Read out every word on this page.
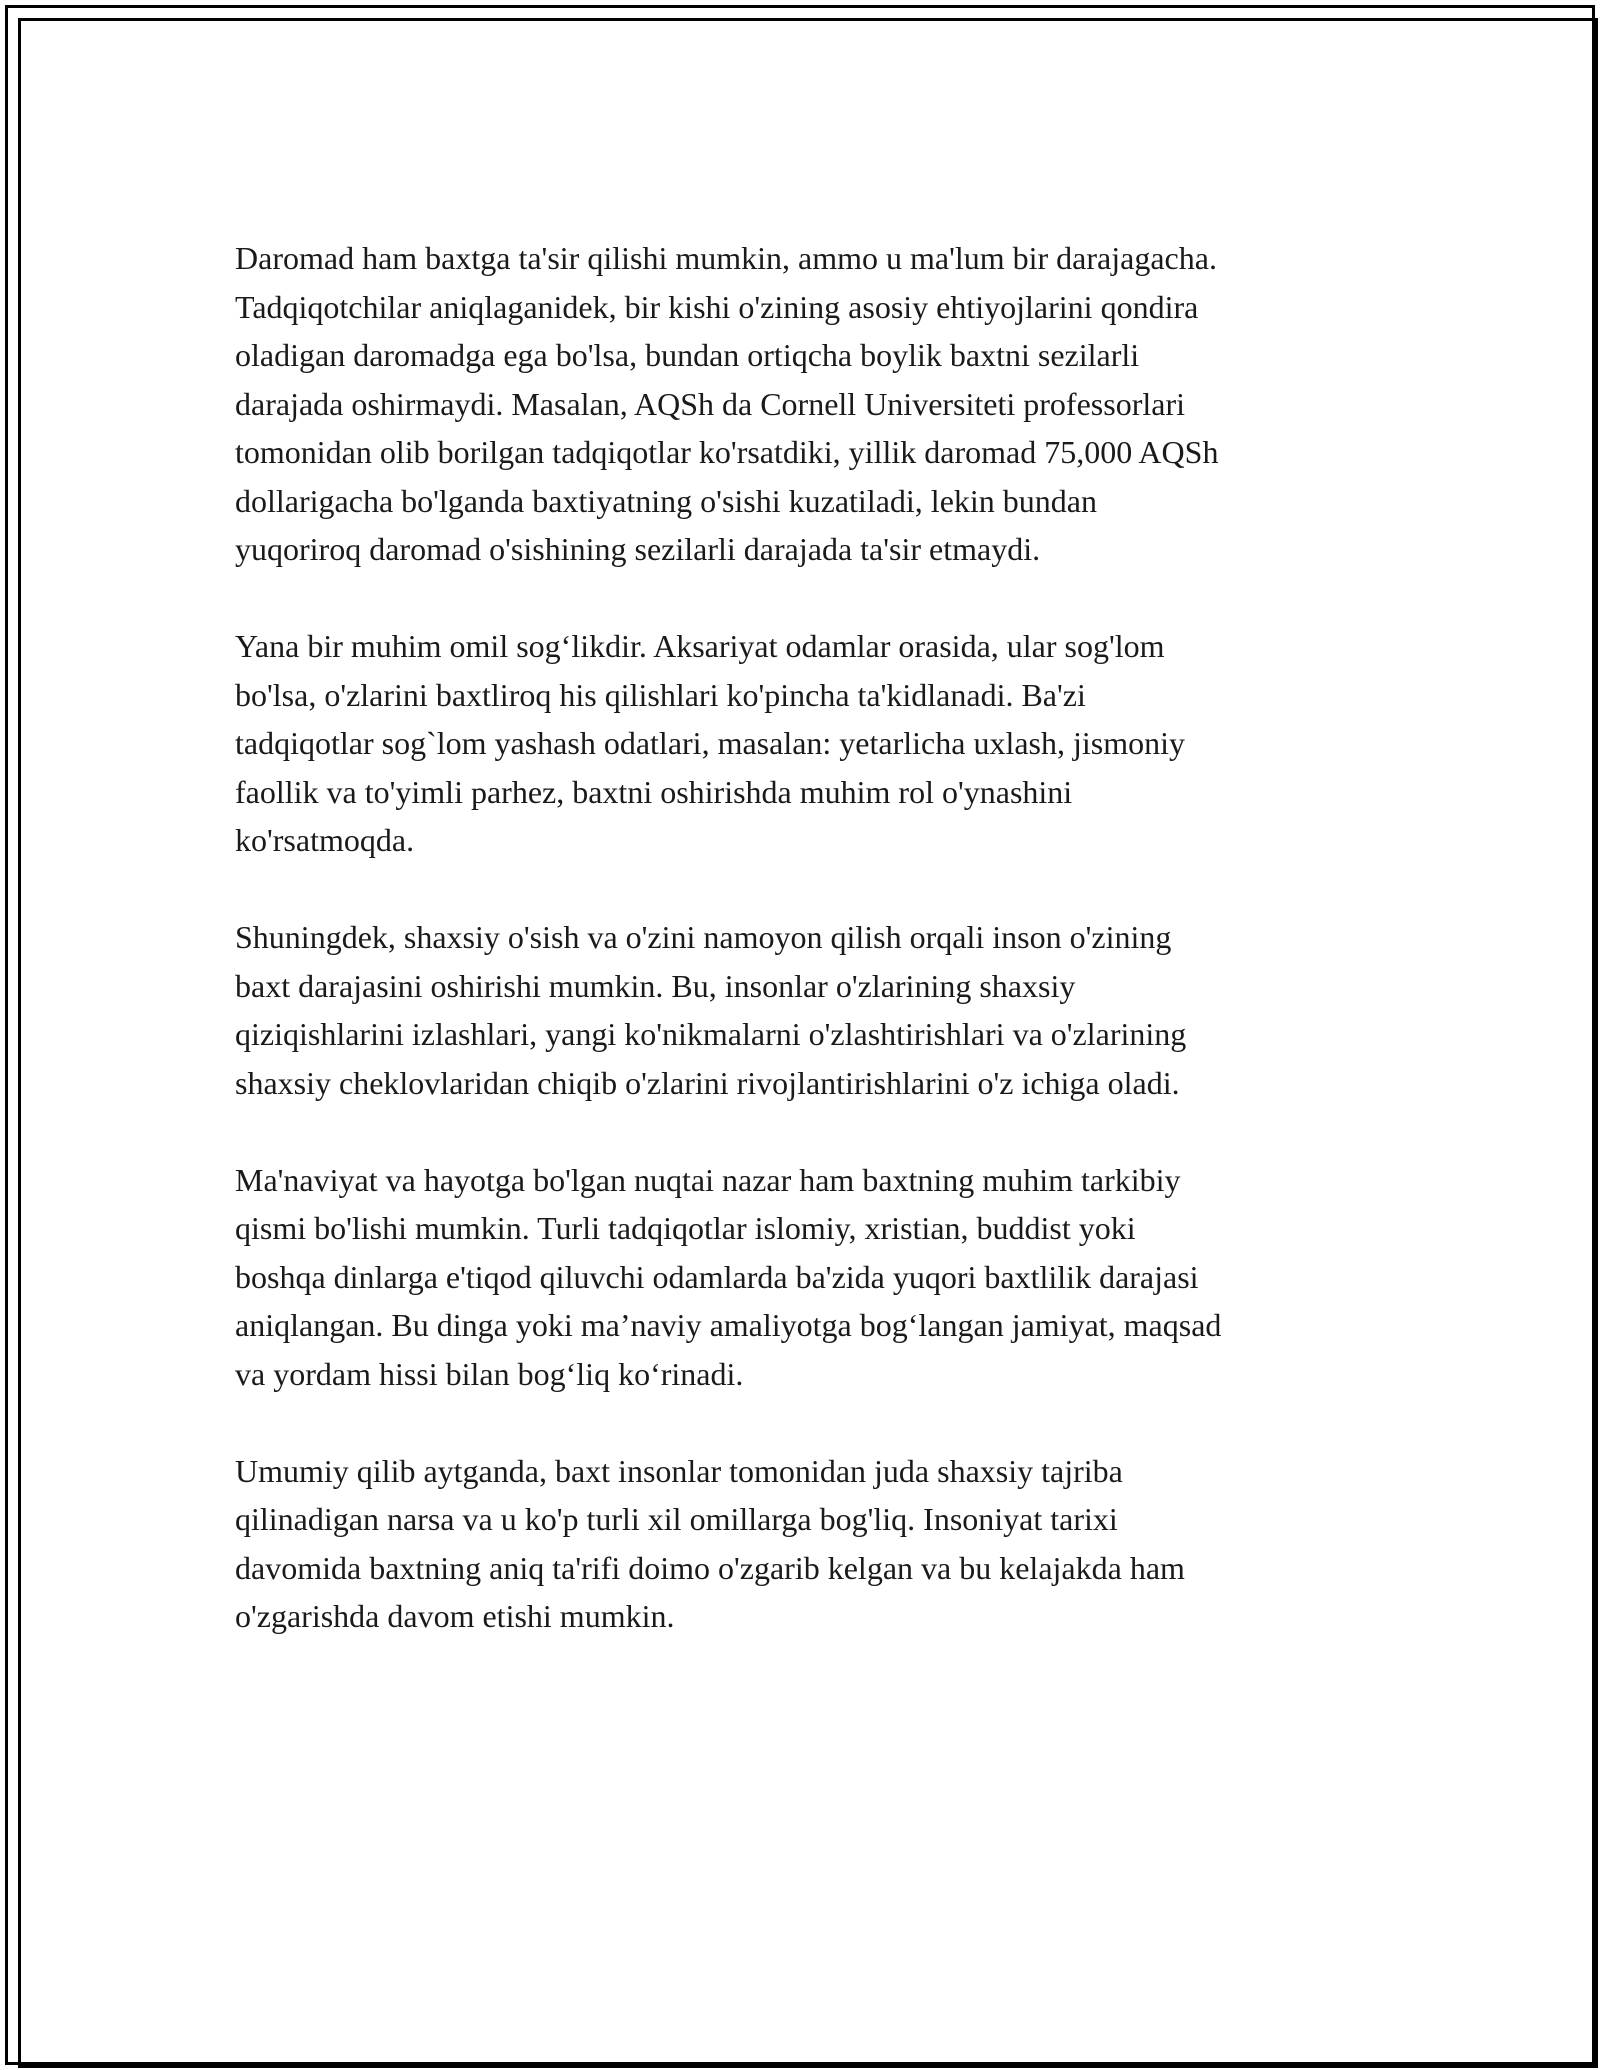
Daromad ham baxtga ta'sir qilishi mumkin, ammo u ma'lum bir darajagacha.
Tadqiqotchilar aniqlaganidek, bir kishi o'zining asosiy ehtiyojlarini qondira
oladigan daromadga ega bo'lsa, bundan ortiqcha boylik baxtni sezilarli
darajada oshirmaydi. Masalan, AQSh da Cornell Universiteti professorlari
tomonidan olib borilgan tadqiqotlar ko'rsatdiki, yillik daromad 75,000 AQSh
dollarigacha bo'lganda baxtiyatning o'sishi kuzatiladi, lekin bundan
yuqoriroq daromad o'sishining sezilarli darajada ta'sir etmaydi.

Yana bir muhim omil sog‘likdir. Aksariyat odamlar orasida, ular sog'lom
bo'lsa, o'zlarini baxtliroq his qilishlari ko'pincha ta'kidlanadi. Ba'zi
tadqiqotlar sog`lom yashash odatlari, masalan: yetarlicha uxlash, jismoniy
faollik va to'yimli parhez, baxtni oshirishda muhim rol o'ynashini
ko'rsatmoqda.

Shuningdek, shaxsiy o'sish va o'zini namoyon qilish orqali inson o'zining
baxt darajasini oshirishi mumkin. Bu, insonlar o'zlarining shaxsiy
qiziqishlarini izlashlari, yangi ko'nikmalarni o'zlashtirishlari va o'zlarining
shaxsiy cheklovlaridan chiqib o'zlarini rivojlantirishlarini o'z ichiga oladi.

Ma'naviyat va hayotga bo'lgan nuqtai nazar ham baxtning muhim tarkibiy
qismi bo'lishi mumkin. Turli tadqiqotlar islomiy, xristian, buddist yoki
boshqa dinlarga e'tiqod qiluvchi odamlarda ba'zida yuqori baxtlilik darajasi
aniqlangan. Bu dinga yoki ma’naviy amaliyotga bog‘langan jamiyat, maqsad
va yordam hissi bilan bog‘liq ko‘rinadi.

Umumiy qilib aytganda, baxt insonlar tomonidan juda shaxsiy tajriba
qilinadigan narsa va u ko'p turli xil omillarga bog'liq. Insoniyat tarixi
davomida baxtning aniq ta'rifi doimo o'zgarib kelgan va bu kelajakda ham
o'zgarishda davom etishi mumkin.
